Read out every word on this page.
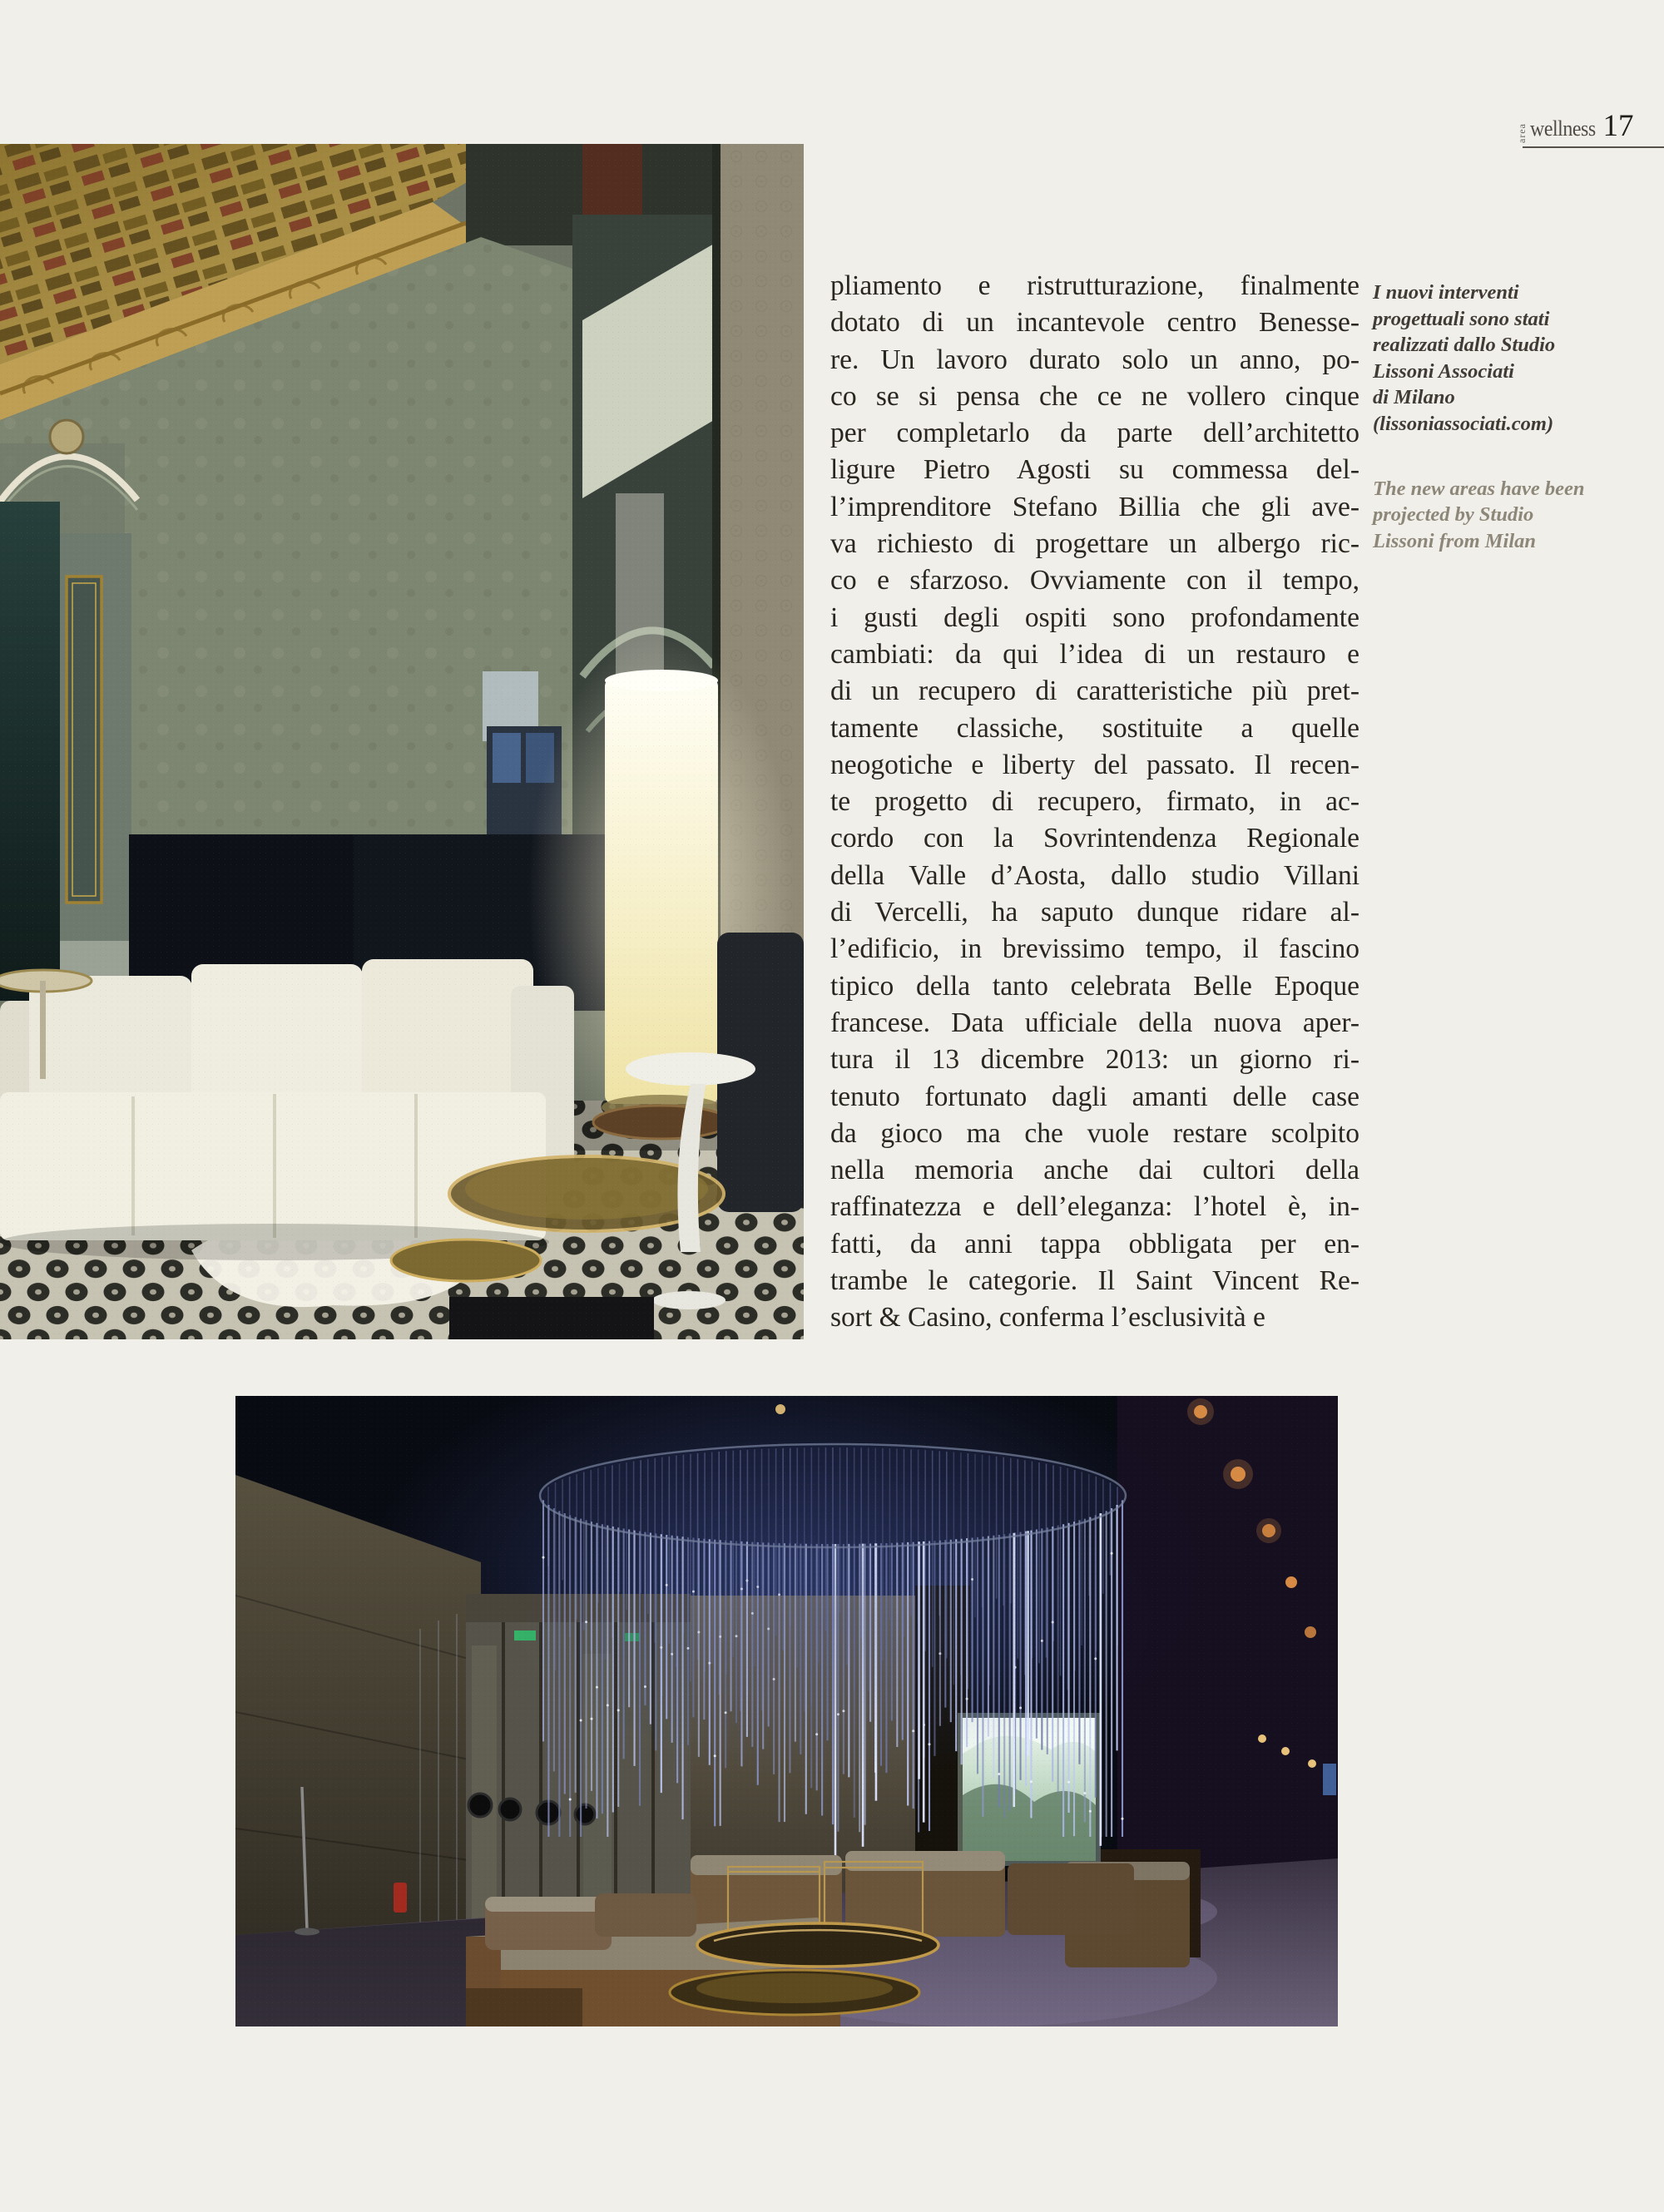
area wellness 17
pliamento e ristrutturazione, finalmente
dotato di un incantevole centro Benesse-
re. Un lavoro durato solo un anno, po-
co se si pensa che ce ne vollero cinque
per completarlo da parte dell’architetto
ligure Pietro Agosti su commessa del-
l’imprenditore Stefano Billia che gli ave-
va richiesto di progettare un albergo ric-
co e sfarzoso. Ovviamente con il tempo,
i gusti degli ospiti sono profondamente
cambiati: da qui l’idea di un restauro e
di un recupero di caratteristiche più pret-
tamente classiche, sostituite a quelle
neogotiche e liberty del passato. Il recen-
te progetto di recupero, firmato, in ac-
cordo con la Sovrintendenza Regionale
della Valle d’Aosta, dallo studio Villani
di Vercelli, ha saputo dunque ridare al-
l’edificio, in brevissimo tempo, il fascino
tipico della tanto celebrata Belle Epoque
francese. Data ufficiale della nuova aper-
tura il 13 dicembre 2013: un giorno ri-
tenuto fortunato dagli amanti delle case
da gioco ma che vuole restare scolpito
nella memoria anche dai cultori della
raffinatezza e dell’eleganza: l’hotel è, in-
fatti, da anni tappa obbligata per en-
trambe le categorie. Il Saint Vincent Re-
sort & Casino, conferma l’esclusività e
I nuovi interventi
progettuali sono stati
realizzati dallo Studio
Lissoni Associati
di Milano
(lissoniassociati.com)
The new areas have been
projected by Studio
Lissoni from Milan
